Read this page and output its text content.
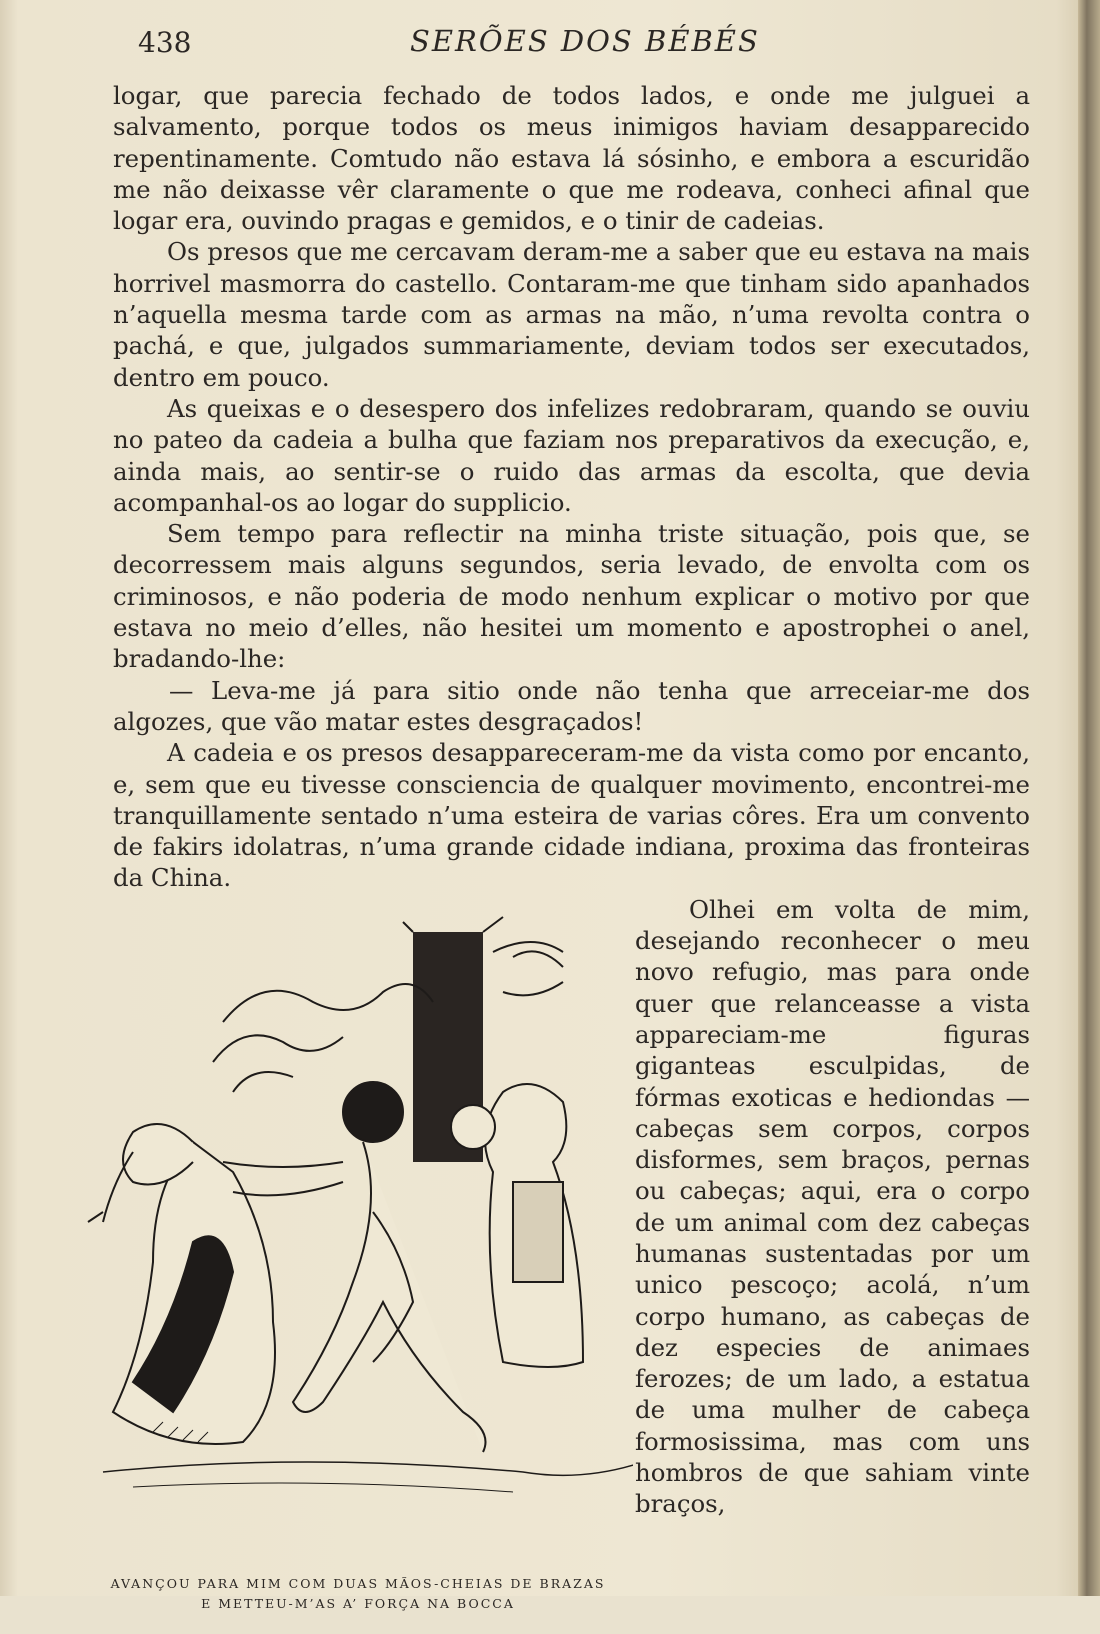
438	SERÕES DOS BÉBÉS

logar, que parecia fechado de todos lados, e onde me julguei a salvamento, porque todos os meus inimigos haviam desapparecido repentinamente. Comtudo não estava lá sósinho, e embora a escuridão me não deixasse vêr claramente o que me rodeava, conheci afinal que logar era, ouvindo pragas e gemidos, e o tinir de cadeias.

Os presos que me cercavam deram-me a saber que eu estava na mais horrivel masmorra do castello. Contaram-me que tinham sido apanhados n’aquella mesma tarde com as armas na mão, n’uma revolta contra o pachá, e que, julgados summariamente, deviam todos ser executados, dentro em pouco.

As queixas e o desespero dos infelizes redobraram, quando se ouviu no pateo da cadeia a bulha que faziam nos preparativos da execução, e, ainda mais, ao sentir-se o ruido das armas da escolta, que devia acompanhal-os ao logar do supplicio.

Sem tempo para reflectir na minha triste situação, pois que, se decorressem mais alguns segundos, seria levado, de envolta com os criminosos, e não poderia de modo nenhum explicar o motivo por que estava no meio d’elles, não hesitei um momento e apostrophei o anel, bradando-lhe:

— Leva-me já para sitio onde não tenha que arreceiar-me dos algozes, que vão matar estes desgraçados!

A cadeia e os presos desappareceram-me da vista como por encanto, e, sem que eu tivesse consciencia de qualquer movimento, encontrei-me tranquillamente sentado n’uma esteira de varias côres. Era um convento de fakirs idolatras, n’uma grande cidade indiana, proxima das fronteiras da China.

AVANÇOU PARA MIM COM DUAS MÃOS-CHEIAS DE BRAZAS
E METTEU-M’AS A’ FORÇA NA BOCCA

Olhei em volta de mim, desejando reconhecer o meu novo refugio, mas para onde quer que relanceasse a vista appareciam-me figuras giganteas esculpidas, de fórmas exoticas e hediondas — cabeças sem corpos, corpos disformes, sem braços, pernas ou cabeças; aqui, era o corpo de um animal com dez cabeças humanas sustentadas por um unico pescoço; acolá, n’um corpo humano, as cabeças de dez especies de animaes ferozes; de um lado, a estatua de uma mulher de cabeça formosissima, mas com uns hombros de que sahiam vinte braços,
